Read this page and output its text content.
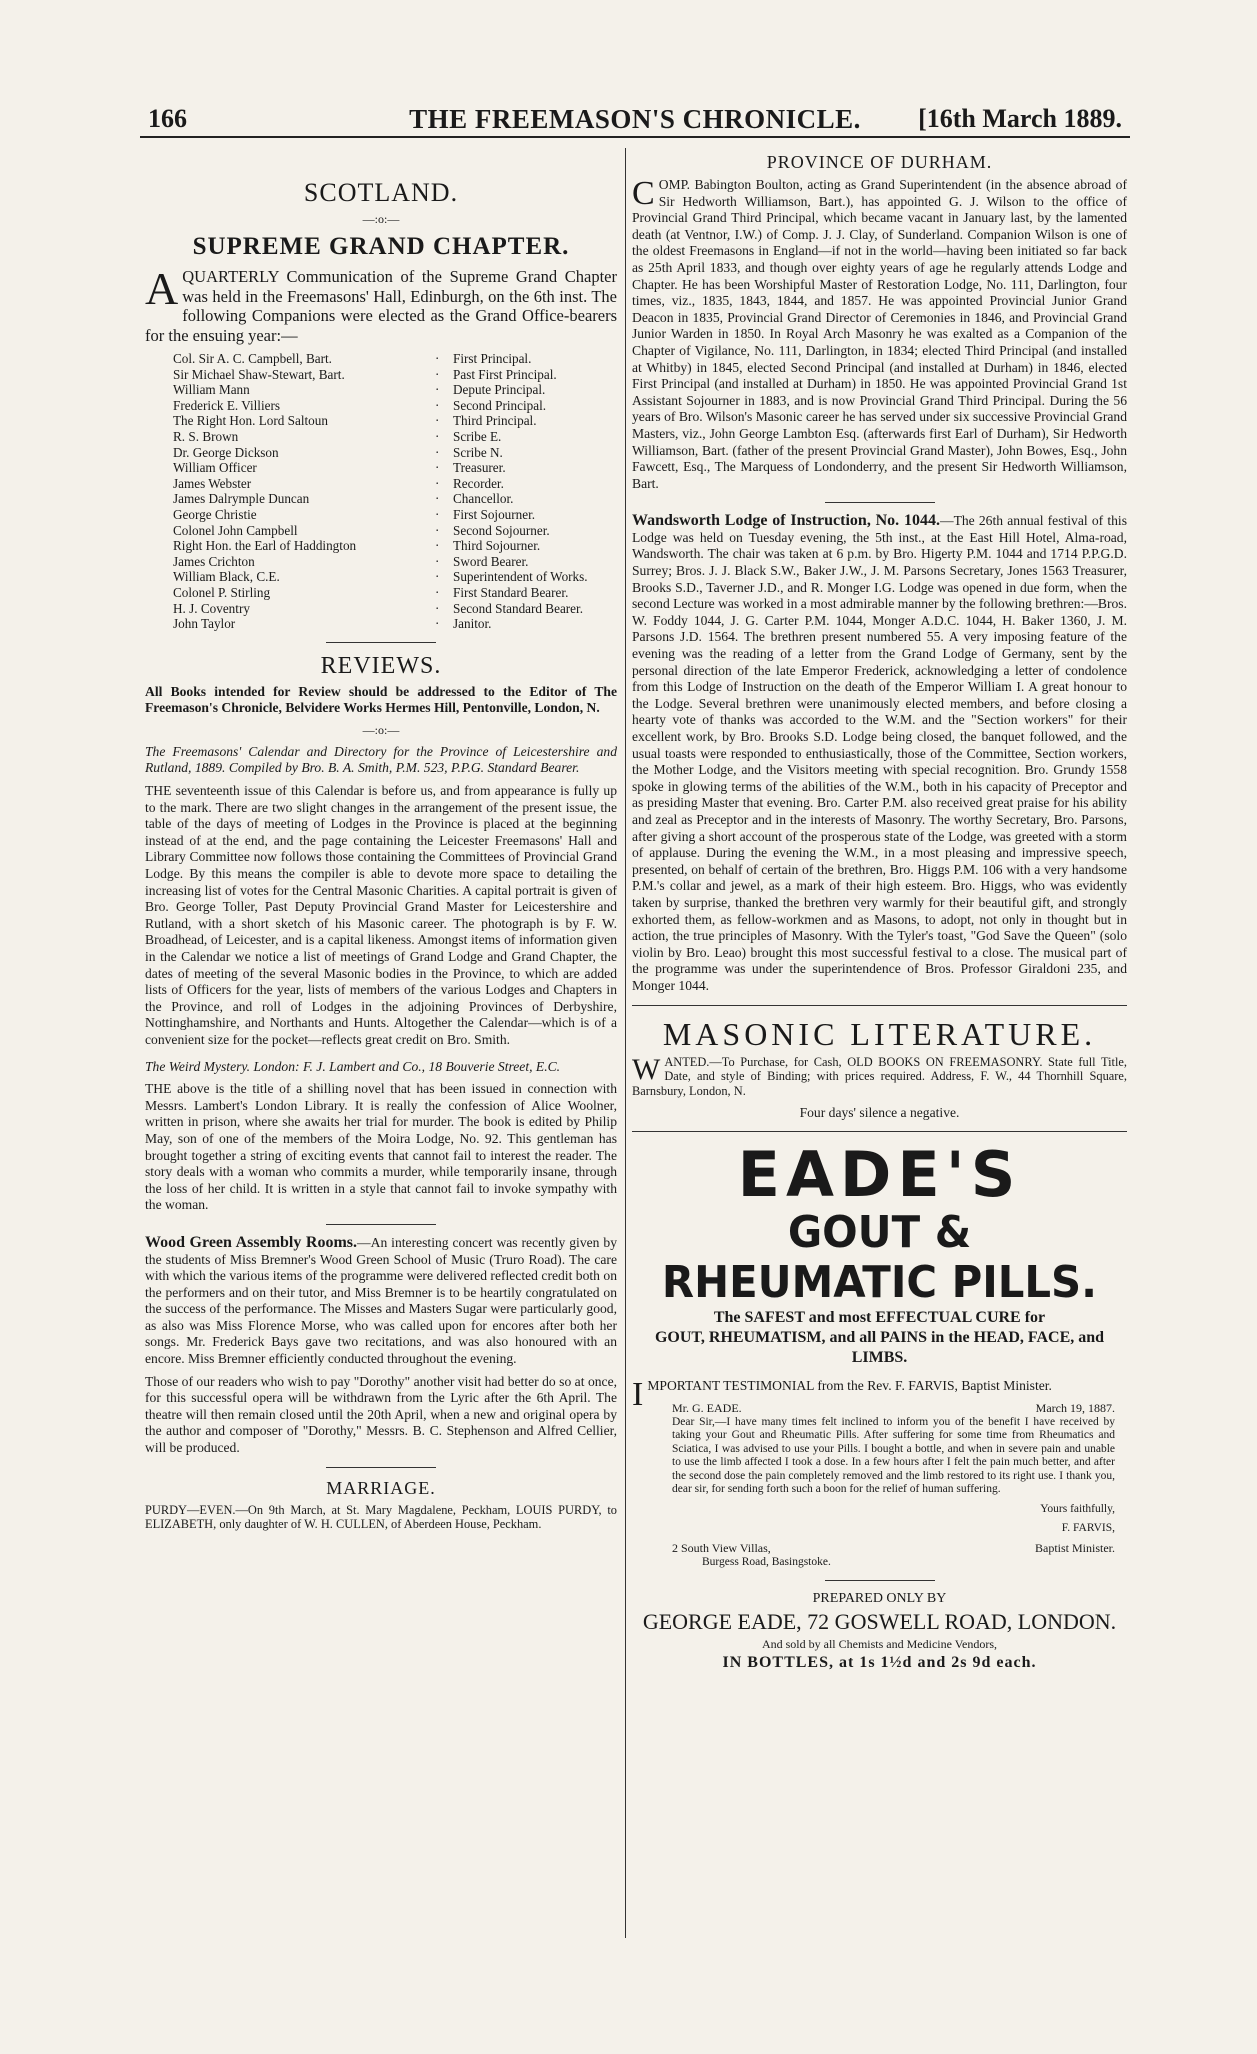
166	THE FREEMASON'S CHRONICLE.	[16th March 1889.
SCOTLAND.
—:o:—
SUPREME GRAND CHAPTER.

AQUARTERLY Communication of the Supreme Grand Chapter was held in the Freemasons' Hall, Edinburgh, on the 6th inst. The following Companions were elected as the Grand Office-bearers for the ensuing year:—

Col. Sir A. C. Campbell, Bart.	·	First Principal.
Sir Michael Shaw-Stewart, Bart.	·	Past First Principal.
William Mann	·	Depute Principal.
Frederick E. Villiers	·	Second Principal.
The Right Hon. Lord Saltoun	·	Third Principal.
R. S. Brown	·	Scribe E.
Dr. George Dickson	·	Scribe N.
William Officer	·	Treasurer.
James Webster	·	Recorder.
James Dalrymple Duncan	·	Chancellor.
George Christie	·	First Sojourner.
Colonel John Campbell	·	Second Sojourner.
Right Hon. the Earl of Haddington	·	Third Sojourner.
James Crichton	·	Sword Bearer.
William Black, C.E.	·	Superintendent of Works.
Colonel P. Stirling	·	First Standard Bearer.
H. J. Coventry	·	Second Standard Bearer.
John Taylor	·	Janitor.
REVIEWS.

All Books intended for Review should be addressed to the Editor of The Freemason's Chronicle, Belvidere Works Hermes Hill, Pentonville, London, N.

—:o:—

The Freemasons' Calendar and Directory for the Province of Leicestershire and Rutland, 1889. Compiled by Bro. B. A. Smith, P.M. 523, P.P.G. Standard Bearer.

THE seventeenth issue of this Calendar is before us, and from appearance is fully up to the mark. There are two slight changes in the arrangement of the present issue, the table of the days of meeting of Lodges in the Province is placed at the beginning instead of at the end, and the page containing the Leicester Freemasons' Hall and Library Committee now follows those containing the Committees of Provincial Grand Lodge. By this means the compiler is able to devote more space to detailing the increasing list of votes for the Central Masonic Charities. A capital portrait is given of Bro. George Toller, Past Deputy Provincial Grand Master for Leicestershire and Rutland, with a short sketch of his Masonic career. The photograph is by F. W. Broadhead, of Leicester, and is a capital likeness. Amongst items of information given in the Calendar we notice a list of meetings of Grand Lodge and Grand Chapter, the dates of meeting of the several Masonic bodies in the Province, to which are added lists of Officers for the year, lists of members of the various Lodges and Chapters in the Province, and roll of Lodges in the adjoining Provinces of Derbyshire, Nottinghamshire, and Northants and Hunts. Altogether the Calendar—which is of a convenient size for the pocket—reflects great credit on Bro. Smith.

The Weird Mystery. London: F. J. Lambert and Co., 18 Bouverie Street, E.C.

THE above is the title of a shilling novel that has been issued in connection with Messrs. Lambert's London Library. It is really the confession of Alice Woolner, written in prison, where she awaits her trial for murder. The book is edited by Philip May, son of one of the members of the Moira Lodge, No. 92. This gentleman has brought together a string of exciting events that cannot fail to interest the reader. The story deals with a woman who commits a murder, while temporarily insane, through the loss of her child. It is written in a style that cannot fail to invoke sympathy with the woman.

Wood Green Assembly Rooms.—An interesting concert was recently given by the students of Miss Bremner's Wood Green School of Music (Truro Road). The care with which the various items of the programme were delivered reflected credit both on the performers and on their tutor, and Miss Bremner is to be heartily congratulated on the success of the performance. The Misses and Masters Sugar were particularly good, as also was Miss Florence Morse, who was called upon for encores after both her songs. Mr. Frederick Bays gave two recitations, and was also honoured with an encore. Miss Bremner efficiently conducted throughout the evening.

Those of our readers who wish to pay "Dorothy" another visit had better do so at once, for this successful opera will be withdrawn from the Lyric after the 6th April. The theatre will then remain closed until the 20th April, when a new and original opera by the author and composer of "Dorothy," Messrs. B. C. Stephenson and Alfred Cellier, will be produced.

MARRIAGE.

PURDY—EVEN.—On 9th March, at St. Mary Magdalene, Peckham, LOUIS PURDY, to ELIZABETH, only daughter of W. H. CULLEN, of Aberdeen House, Peckham.

PROVINCE OF DURHAM.

COMP. Babington Boulton, acting as Grand Superintendent (in the absence abroad of Sir Hedworth Williamson, Bart.), has appointed G. J. Wilson to the office of Provincial Grand Third Principal, which became vacant in January last, by the lamented death (at Ventnor, I.W.) of Comp. J. J. Clay, of Sunderland. Companion Wilson is one of the oldest Freemasons in England—if not in the world—having been initiated so far back as 25th April 1833, and though over eighty years of age he regularly attends Lodge and Chapter. He has been Worshipful Master of Restoration Lodge, No. 111, Darlington, four times, viz., 1835, 1843, 1844, and 1857. He was appointed Provincial Junior Grand Deacon in 1835, Provincial Grand Director of Ceremonies in 1846, and Provincial Grand Junior Warden in 1850. In Royal Arch Masonry he was exalted as a Companion of the Chapter of Vigilance, No. 111, Darlington, in 1834; elected Third Principal (and installed at Whitby) in 1845, elected Second Principal (and installed at Durham) in 1846, elected First Principal (and installed at Durham) in 1850. He was appointed Provincial Grand 1st Assistant Sojourner in 1883, and is now Provincial Grand Third Principal. During the 56 years of Bro. Wilson's Masonic career he has served under six successive Provincial Grand Masters, viz., John George Lambton Esq. (afterwards first Earl of Durham), Sir Hedworth Williamson, Bart. (father of the present Provincial Grand Master), John Bowes, Esq., John Fawcett, Esq., The Marquess of Londonderry, and the present Sir Hedworth Williamson, Bart.

Wandsworth Lodge of Instruction, No. 1044.—The 26th annual festival of this Lodge was held on Tuesday evening, the 5th inst., at the East Hill Hotel, Alma-road, Wandsworth. The chair was taken at 6 p.m. by Bro. Higerty P.M. 1044 and 1714 P.P.G.D. Surrey; Bros. J. J. Black S.W., Baker J.W., J. M. Parsons Secretary, Jones 1563 Treasurer, Brooks S.D., Taverner J.D., and R. Monger I.G. Lodge was opened in due form, when the second Lecture was worked in a most admirable manner by the following brethren:—Bros. W. Foddy 1044, J. G. Carter P.M. 1044, Monger A.D.C. 1044, H. Baker 1360, J. M. Parsons J.D. 1564. The brethren present numbered 55. A very imposing feature of the evening was the reading of a letter from the Grand Lodge of Germany, sent by the personal direction of the late Emperor Frederick, acknowledging a letter of condolence from this Lodge of Instruction on the death of the Emperor William I. A great honour to the Lodge. Several brethren were unanimously elected members, and before closing a hearty vote of thanks was accorded to the W.M. and the "Section workers" for their excellent work, by Bro. Brooks S.D. Lodge being closed, the banquet followed, and the usual toasts were responded to enthusiastically, those of the Committee, Section workers, the Mother Lodge, and the Visitors meeting with special recognition. Bro. Grundy 1558 spoke in glowing terms of the abilities of the W.M., both in his capacity of Preceptor and as presiding Master that evening. Bro. Carter P.M. also received great praise for his ability and zeal as Preceptor and in the interests of Masonry. The worthy Secretary, Bro. Parsons, after giving a short account of the prosperous state of the Lodge, was greeted with a storm of applause. During the evening the W.M., in a most pleasing and impressive speech, presented, on behalf of certain of the brethren, Bro. Higgs P.M. 106 with a very handsome P.M.'s collar and jewel, as a mark of their high esteem. Bro. Higgs, who was evidently taken by surprise, thanked the brethren very warmly for their beautiful gift, and strongly exhorted them, as fellow-workmen and as Masons, to adopt, not only in thought but in action, the true principles of Masonry. With the Tyler's toast, "God Save the Queen" (solo violin by Bro. Leao) brought this most successful festival to a close. The musical part of the programme was under the superintendence of Bros. Professor Giraldoni 235, and Monger 1044.

MASONIC LITERATURE.

WANTED.—To Purchase, for Cash, OLD BOOKS ON FREEMASONRY. State full Title, Date, and style of Binding; with prices required. Address, F. W., 44 Thornhill Square, Barnsbury, London, N.

Four days' silence a negative.

EADE'S
GOUT & RHEUMATIC PILLS.
The SAFEST and most EFFECTUAL CURE for
GOUT, RHEUMATISM, and all PAINS in the HEAD, FACE, and LIMBS.

IMPORTANT TESTIMONIAL from the Rev. F. FARVIS, Baptist Minister.

Mr. G. EADE.	March 19, 1887.

Dear Sir,—I have many times felt inclined to inform you of the benefit I have received by taking your Gout and Rheumatic Pills. After suffering for some time from Rheumatics and Sciatica, I was advised to use your Pills. I bought a bottle, and when in severe pain and unable to use the limb affected I took a dose. In a few hours after I felt the pain much better, and after the second dose the pain completely removed and the limb restored to its right use. I thank you, dear sir, for sending forth such a boon for the relief of human suffering.

Yours faithfully,

F. FARVIS,

2 South View Villas,	Baptist Minister.

Burgess Road, Basingstoke.

PREPARED ONLY BY
GEORGE EADE, 72 GOSWELL ROAD, LONDON.
And sold by all Chemists and Medicine Vendors,
IN BOTTLES, at 1s 1½d and 2s 9d each.
